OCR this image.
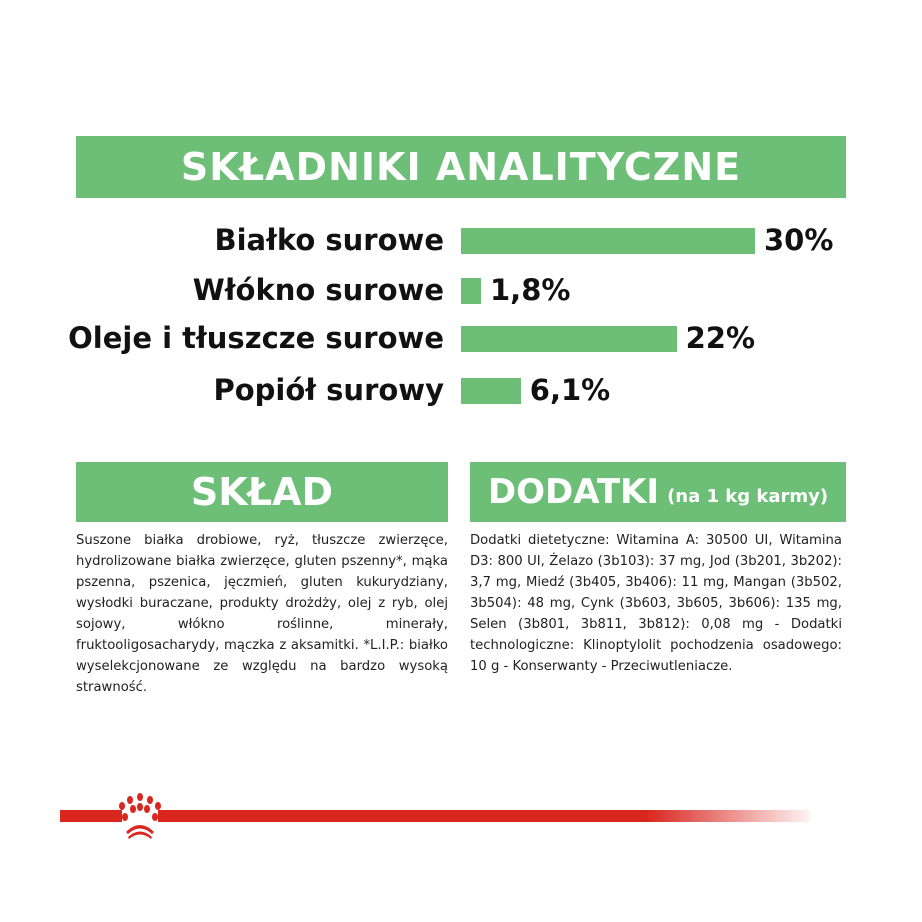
SKŁADNIKI ANALITYCZNE
Białko surowe	30%
Włókno surowe 1,8%
Oleje i tłuszcze surowe	22%
Popiół surowy	6,1%
SKŁAD
Suszone białka drobiowe, ryż, tłuszcze zwierzęce, hydrolizowane białka zwierzęce, gluten pszenny*, mąka pszenna, pszenica, jęczmień, gluten kukurydziany, wysłodki buraczane, produkty drożdży, olej z ryb, olej sojowy, włókno roślinne, minerały, fruktooligosacharydy, mączka z aksamitki. *L.I.P.: białko wyselekcjonowane ze względu na bardzo wysoką strawność.
DODATKI (na 1 kg karmy)
Dodatki dietetyczne: Witamina A: 30500 UI, Witamina D3: 800 UI, Żelazo (3b103): 37 mg, Jod (3b201, 3b202): 3,7 mg, Miedź (3b405, 3b406): 11 mg, Mangan (3b502, 3b504): 48 mg, Cynk (3b603, 3b605, 3b606): 135 mg, Selen (3b801, 3b811, 3b812): 0,08 mg - Dodatki technologiczne: Klinoptylolit pochodzenia osadowego: 10 g - Konserwanty - Przeciwutleniacze.
